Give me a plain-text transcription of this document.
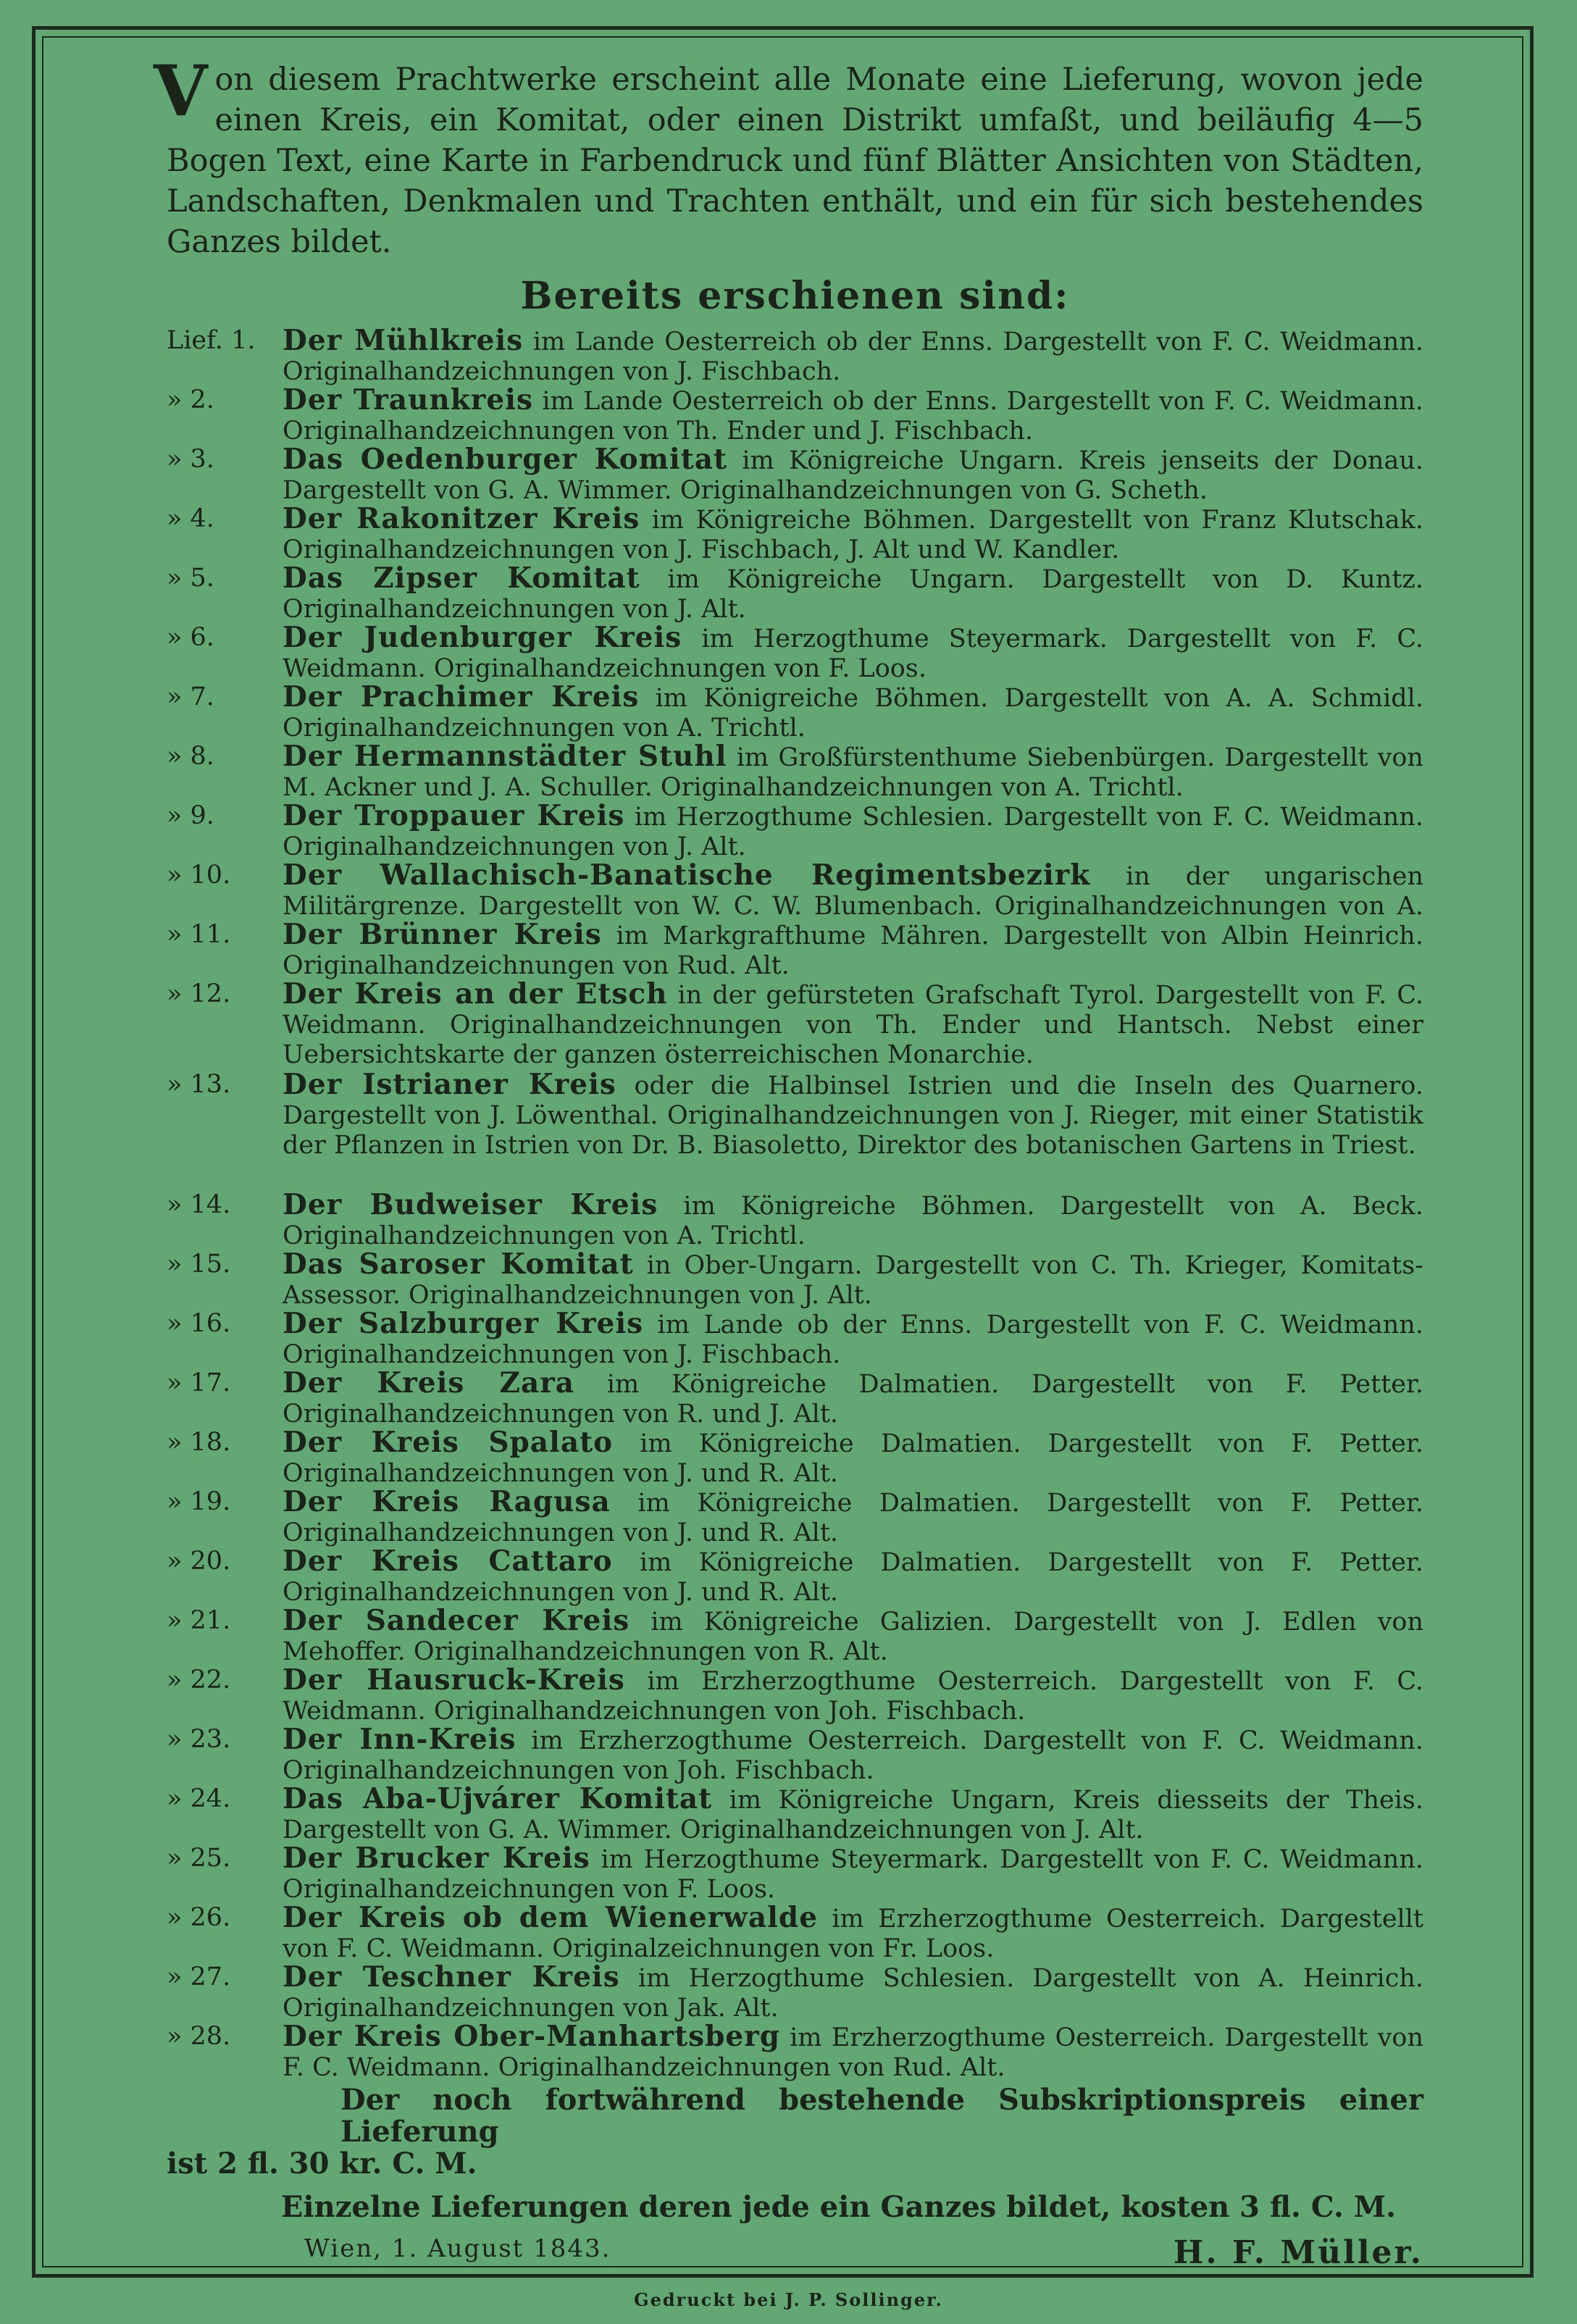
Von diesem Prachtwerke erscheint alle Monate eine Lieferung, wovon jede einen Kreis, ein Komitat, oder einen Distrikt umfaßt, und beiläufig 4—5 Bogen Text, eine Karte in Farbendruck und fünf Blätter Ansichten von Städten, Landschaften, Denkmalen und Trachten enthält, und ein für sich bestehendes Ganzes bildet.

Bereits erschienen sind:
Lief. 1. Der Mühlkreis im Lande Oesterreich ob der Enns. Dargestellt von F. C. Weidmann. Originalhandzeichnungen von J. Fischbach.
» 2.	Der Traunkreis im Lande Oesterreich ob der Enns. Dargestellt von F. C. Weidmann. Originalhandzeichnungen von Th. Ender und J. Fischbach.
» 3.	Das Oedenburger Komitat im Königreiche Ungarn. Kreis jenseits der Donau. Dargestellt von G. A. Wimmer. Originalhandzeichnungen von G. Scheth.
» 4.	Der Rakonitzer Kreis im Königreiche Böhmen. Dargestellt von Franz Klutschak. Originalhandzeichnungen von J. Fischbach, J. Alt und W. Kandler.
» 5.	Das Zipser Komitat im Königreiche Ungarn. Dargestellt von D. Kuntz. Originalhandzeichnungen von J. Alt.
» 6.	Der Judenburger Kreis im Herzogthume Steyermark. Dargestellt von F. C. Weidmann. Originalhandzeichnungen von F. Loos.
» 7.	Der Prachimer Kreis im Königreiche Böhmen. Dargestellt von A. A. Schmidl. Originalhandzeichnungen von A. Trichtl.
» 8.	Der Hermannstädter Stuhl im Großfürstenthume Siebenbürgen. Dargestellt von M. Ackner und J. A. Schuller. Originalhandzeichnungen von A. Trichtl.
» 9.	Der Troppauer Kreis im Herzogthume Schlesien. Dargestellt von F. C. Weidmann. Originalhandzeichnungen von J. Alt.
» 10.	Der Wallachisch-Banatische Regimentsbezirk in der ungarischen Militärgrenze. Dargestellt von W. C. W. Blumenbach. Originalhandzeichnungen von A.
» 11.	Der Brünner Kreis im Markgrafthume Mähren. Dargestellt von Albin Heinrich. Originalhandzeichnungen von Rud. Alt.
» 12.	Der Kreis an der Etsch in der gefürsteten Grafschaft Tyrol. Dargestellt von F. C. Weidmann. Originalhandzeichnungen von Th. Ender und Hantsch. Nebst einer Uebersichtskarte der ganzen österreichischen Monarchie.
» 13.	Der Istrianer Kreis oder die Halbinsel Istrien und die Inseln des Quarnero. Dargestellt von J. Löwenthal. Originalhandzeichnungen von J. Rieger, mit einer Statistik der Pflanzen in Istrien von Dr. B. Biasoletto, Direktor des botanischen Gartens in Triest.
» 14.	Der Budweiser Kreis im Königreiche Böhmen. Dargestellt von A. Beck. Originalhandzeichnungen von A. Trichtl.
» 15.	Das Saroser Komitat in Ober-Ungarn. Dargestellt von C. Th. Krieger, Komitats-Assessor. Originalhandzeichnungen von J. Alt.
» 16.	Der Salzburger Kreis im Lande ob der Enns. Dargestellt von F. C. Weidmann. Originalhandzeichnungen von J. Fischbach.
» 17.	Der Kreis Zara im Königreiche Dalmatien. Dargestellt von F. Petter. Originalhandzeichnungen von R. und J. Alt.
» 18.	Der Kreis Spalato im Königreiche Dalmatien. Dargestellt von F. Petter. Originalhandzeichnungen von J. und R. Alt.
» 19.	Der Kreis Ragusa im Königreiche Dalmatien. Dargestellt von F. Petter. Originalhandzeichnungen von J. und R. Alt.
» 20.	Der Kreis Cattaro im Königreiche Dalmatien. Dargestellt von F. Petter. Originalhandzeichnungen von J. und R. Alt.
» 21.	Der Sandecer Kreis im Königreiche Galizien. Dargestellt von J. Edlen von Mehoffer. Originalhandzeichnungen von R. Alt.
» 22.	Der Hausruck-Kreis im Erzherzogthume Oesterreich. Dargestellt von F. C. Weidmann. Originalhandzeichnungen von Joh. Fischbach.
» 23.	Der Inn-Kreis im Erzherzogthume Oesterreich. Dargestellt von F. C. Weidmann. Originalhandzeichnungen von Joh. Fischbach.
» 24.	Das Aba-Ujvárer Komitat im Königreiche Ungarn, Kreis diesseits der Theis. Dargestellt von G. A. Wimmer. Originalhandzeichnungen von J. Alt.
» 25.	Der Brucker Kreis im Herzogthume Steyermark. Dargestellt von F. C. Weidmann. Originalhandzeichnungen von F. Loos.
» 26.	Der Kreis ob dem Wienerwalde im Erzherzogthume Oesterreich. Dargestellt von F. C. Weidmann. Originalzeichnungen von Fr. Loos.
» 27.	Der Teschner Kreis im Herzogthume Schlesien. Dargestellt von A. Heinrich. Originalhandzeichnungen von Jak. Alt.
» 28.	Der Kreis Ober-Manhartsberg im Erzherzogthume Oesterreich. Dargestellt von F. C. Weidmann. Originalhandzeichnungen von Rud. Alt.

Der noch fortwährend bestehende Subskriptionspreis einer Lieferung
ist 2 fl. 30 kr. C. M.

Einzelne Lieferungen deren jede ein Ganzes bildet, kosten 3 fl. C. M.
Wien, 1. August 1843.	H. F. Müller.
Gedruckt bei J. P. Sollinger.
